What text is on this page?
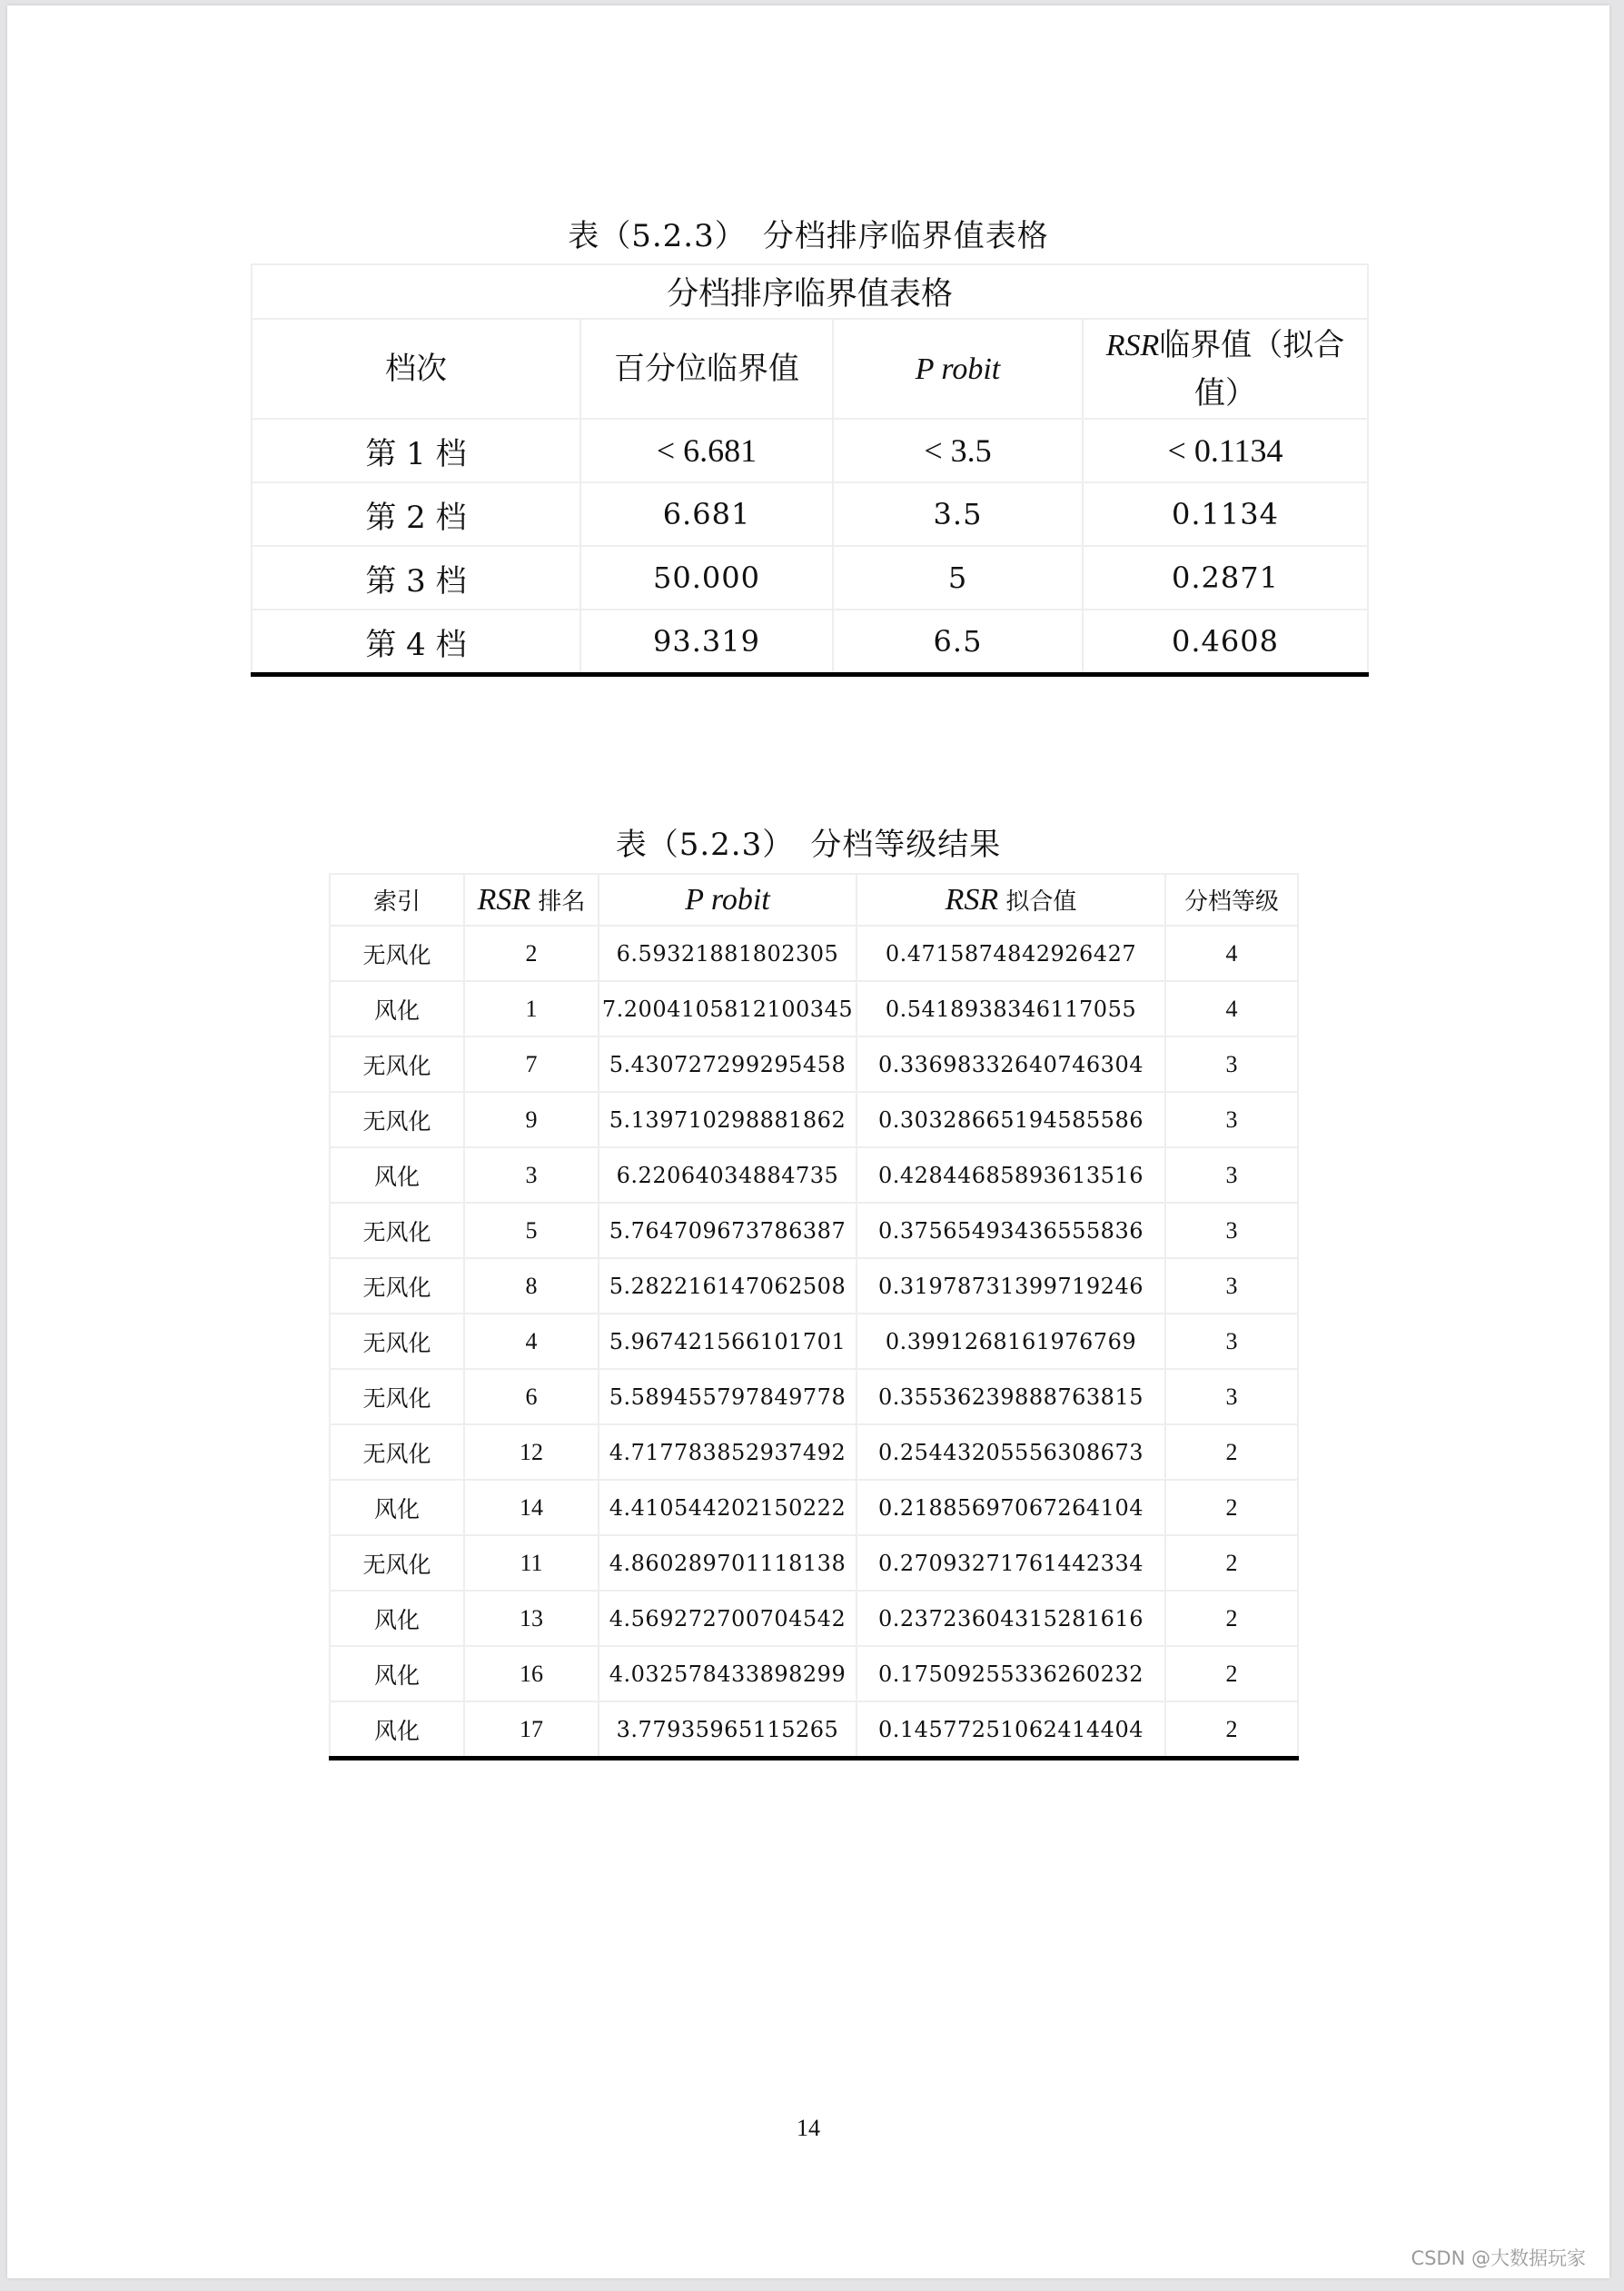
表（5.2.3） 分档排序临界值表格
分档排序临界值表格			
档次	百分位临界值	P robit	RSR临界值（拟合值）
第 1 档	< 6.681	< 3.5	< 0.1134
第 2 档	6.681	3.5	0.1134
第 3 档	50.000	5	0.2871
第 4 档	93.319	6.5	0.4608
表（5.2.3） 分档等级结果
索引	RSR 排名	P robit	RSR 拟合值	分档等级
无风化	2	6.59321881802305	0.4715874842926427	4
风化	1	7.2004105812100345	0.5418938346117055	4
无风化	7	5.430727299295458	0.33698332640746304	3
无风化	9	5.139710298881862	0.30328665194585586	3
风化	3	6.22064034884735	0.42844685893613516	3
无风化	5	5.764709673786387	0.37565493436555836	3
无风化	8	5.282216147062508	0.31978731399719246	3
无风化	4	5.967421566101701	0.3991268161976769	3
无风化	6	5.589455797849778	0.35536239888763815	3
无风化	12	4.717783852937492	0.25443205556308673	2
风化	14	4.410544202150222	0.21885697067264104	2
无风化	11	4.860289701118138	0.27093271761442334	2
风化	13	4.569272700704542	0.23723604315281616	2
风化	16	4.032578433898299	0.17509255336260232	2
风化	17	3.77935965115265	0.14577251062414404	2
14
CSDN @大数据玩家
